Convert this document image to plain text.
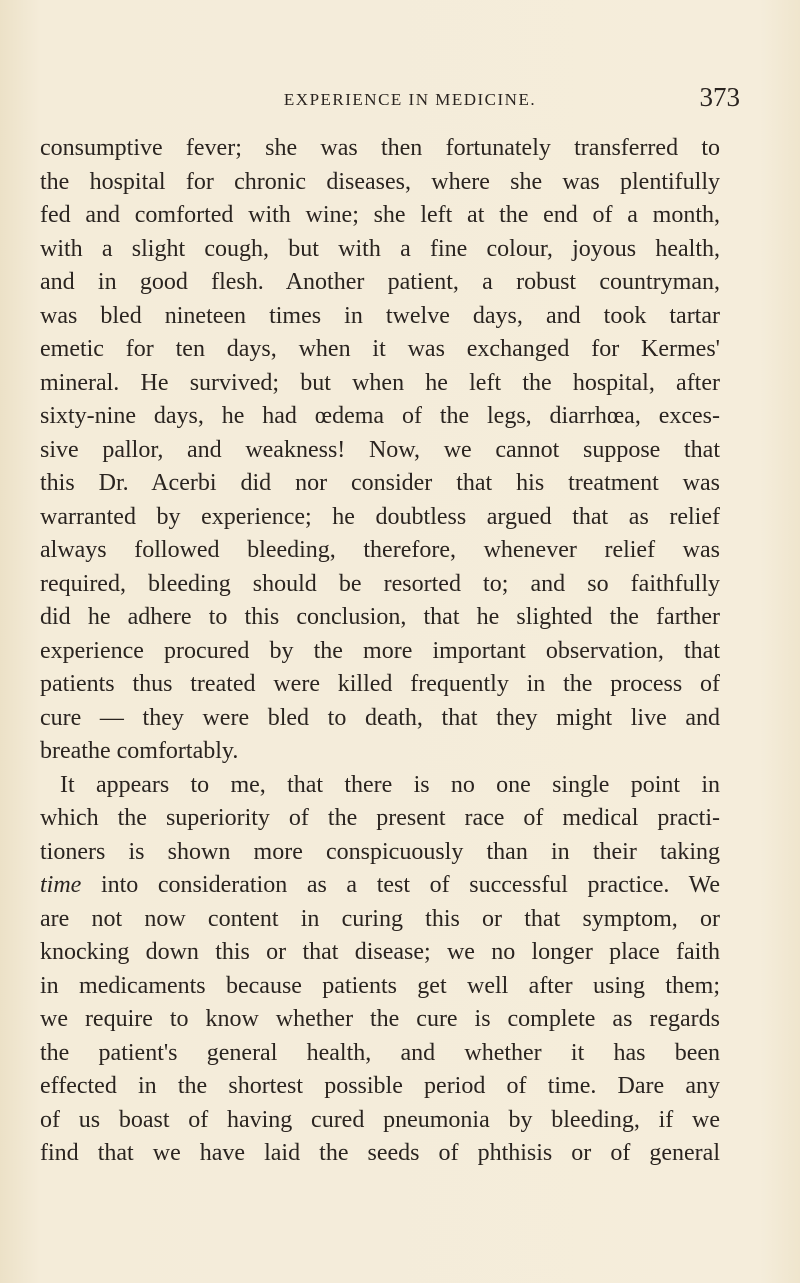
EXPERIENCE IN MEDICINE.	373
consumptive fever; she was then fortunately transferred to
the hospital for chronic diseases, where she was plentifully
fed and comforted with wine; she left at the end of a month,
with a slight cough, but with a fine colour, joyous health,
and in good flesh. Another patient, a robust countryman,
was bled nineteen times in twelve days, and took tartar
emetic for ten days, when it was exchanged for Kermes'
mineral. He survived; but when he left the hospital, after
sixty-nine days, he had œdema of the legs, diarrhœa, exces-
sive pallor, and weakness! Now, we cannot suppose that
this Dr. Acerbi did nor consider that his treatment was
warranted by experience; he doubtless argued that as relief
always followed bleeding, therefore, whenever relief was
required, bleeding should be resorted to; and so faithfully
did he adhere to this conclusion, that he slighted the farther
experience procured by the more important observation, that
patients thus treated were killed frequently in the process of
cure — they were bled to death, that they might live and
breathe comfortably.
It appears to me, that there is no one single point in
which the superiority of the present race of medical practi-
tioners is shown more conspicuously than in their taking
time into consideration as a test of successful practice. We
are not now content in curing this or that symptom, or
knocking down this or that disease; we no longer place faith
in medicaments because patients get well after using them;
we require to know whether the cure is complete as regards
the patient's general health, and whether it has been
effected in the shortest possible period of time. Dare any
of us boast of having cured pneumonia by bleeding, if we
find that we have laid the seeds of phthisis or of general
